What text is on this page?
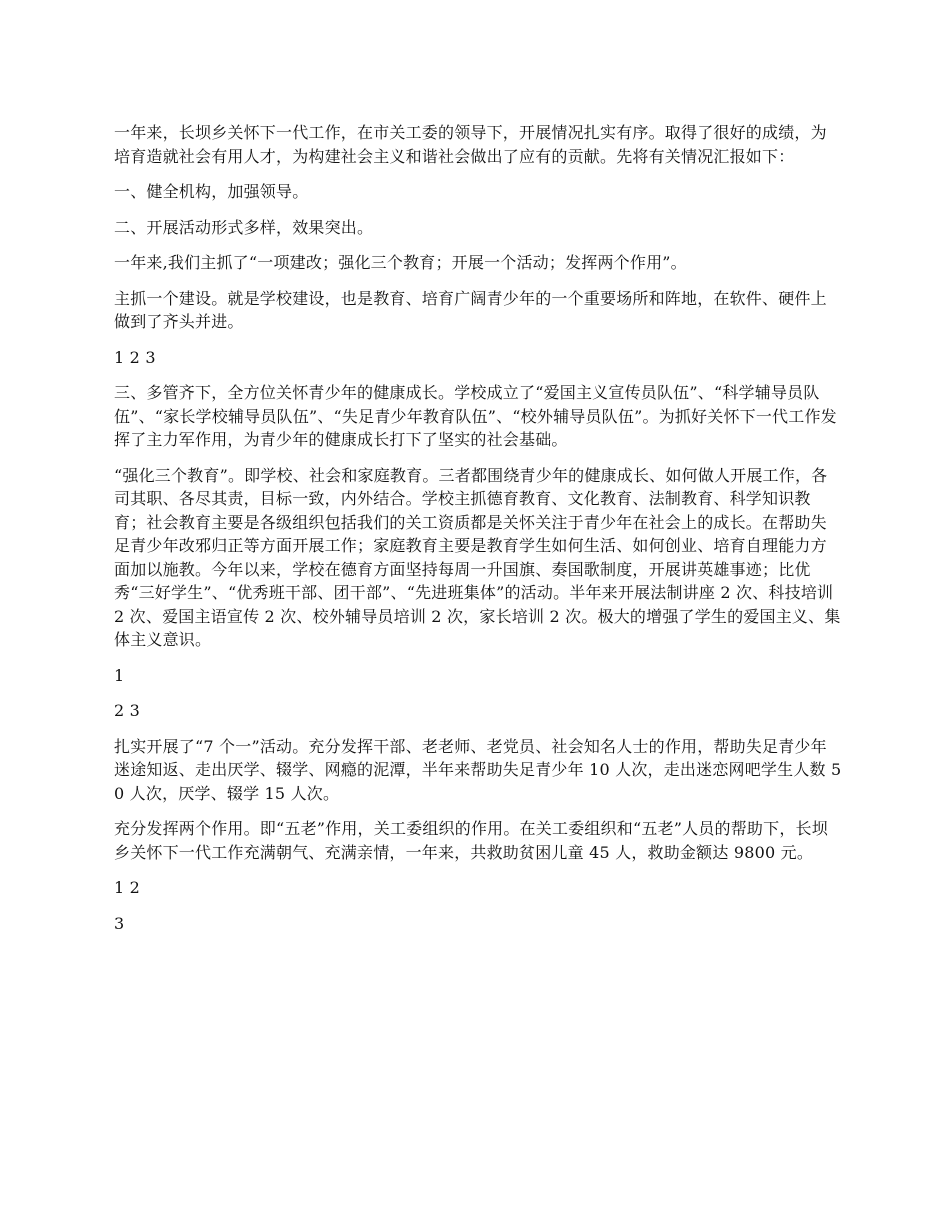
一年来，长坝乡关怀下一代工作，在市关工委的领导下，开展情况扎实有序。取得了很好的成绩，为培育造就社会有用人才，为构建社会主义和谐社会做出了应有的贡献。先将有关情况汇报如下：

一、健全机构，加强领导。

二、开展活动形式多样，效果突出。

一年来,我们主抓了“一项建改；强化三个教育；开展一个活动；发挥两个作用”。

主抓一个建设。就是学校建设，也是教育、培育广阔青少年的一个重要场所和阵地，在软件、硬件上做到了齐头并进。

1 2 3

三、多管齐下，全方位关怀青少年的健康成长。学校成立了“爱国主义宣传员队伍”、“科学辅导员队伍”、“家长学校辅导员队伍”、“失足青少年教育队伍”、“校外辅导员队伍”。为抓好关怀下一代工作发挥了主力军作用，为青少年的健康成长打下了坚实的社会基础。

“强化三个教育”。即学校、社会和家庭教育。三者都围绕青少年的健康成长、如何做人开展工作，各司其职、各尽其责，目标一致，内外结合。学校主抓德育教育、文化教育、法制教育、科学知识教育；社会教育主要是各级组织包括我们的关工资质都是关怀关注于青少年在社会上的成长。在帮助失足青少年改邪归正等方面开展工作；家庭教育主要是教育学生如何生活、如何创业、培育自理能力方面加以施教。今年以来，学校在德育方面坚持每周一升国旗、奏国歌制度，开展讲英雄事迹；比优秀“三好学生”、“优秀班干部、团干部”、“先进班集体”的活动。半年来开展法制讲座 2 次、科技培训 2 次、爱国主语宣传 2 次、校外辅导员培训 2 次，家长培训 2 次。极大的增强了学生的爱国主义、集体主义意识。

1

2 3

扎实开展了“7 个一”活动。充分发挥干部、老老师、老党员、社会知名人士的作用，帮助失足青少年迷途知返、走出厌学、辍学、网瘾的泥潭，半年来帮助失足青少年 10 人次，走出迷恋网吧学生人数 50 人次，厌学、辍学 15 人次。

充分发挥两个作用。即“五老”作用，关工委组织的作用。在关工委组织和“五老”人员的帮助下，长坝乡关怀下一代工作充满朝气、充满亲情，一年来，共救助贫困儿童 45 人，救助金额达 9800 元。

1 2

3
